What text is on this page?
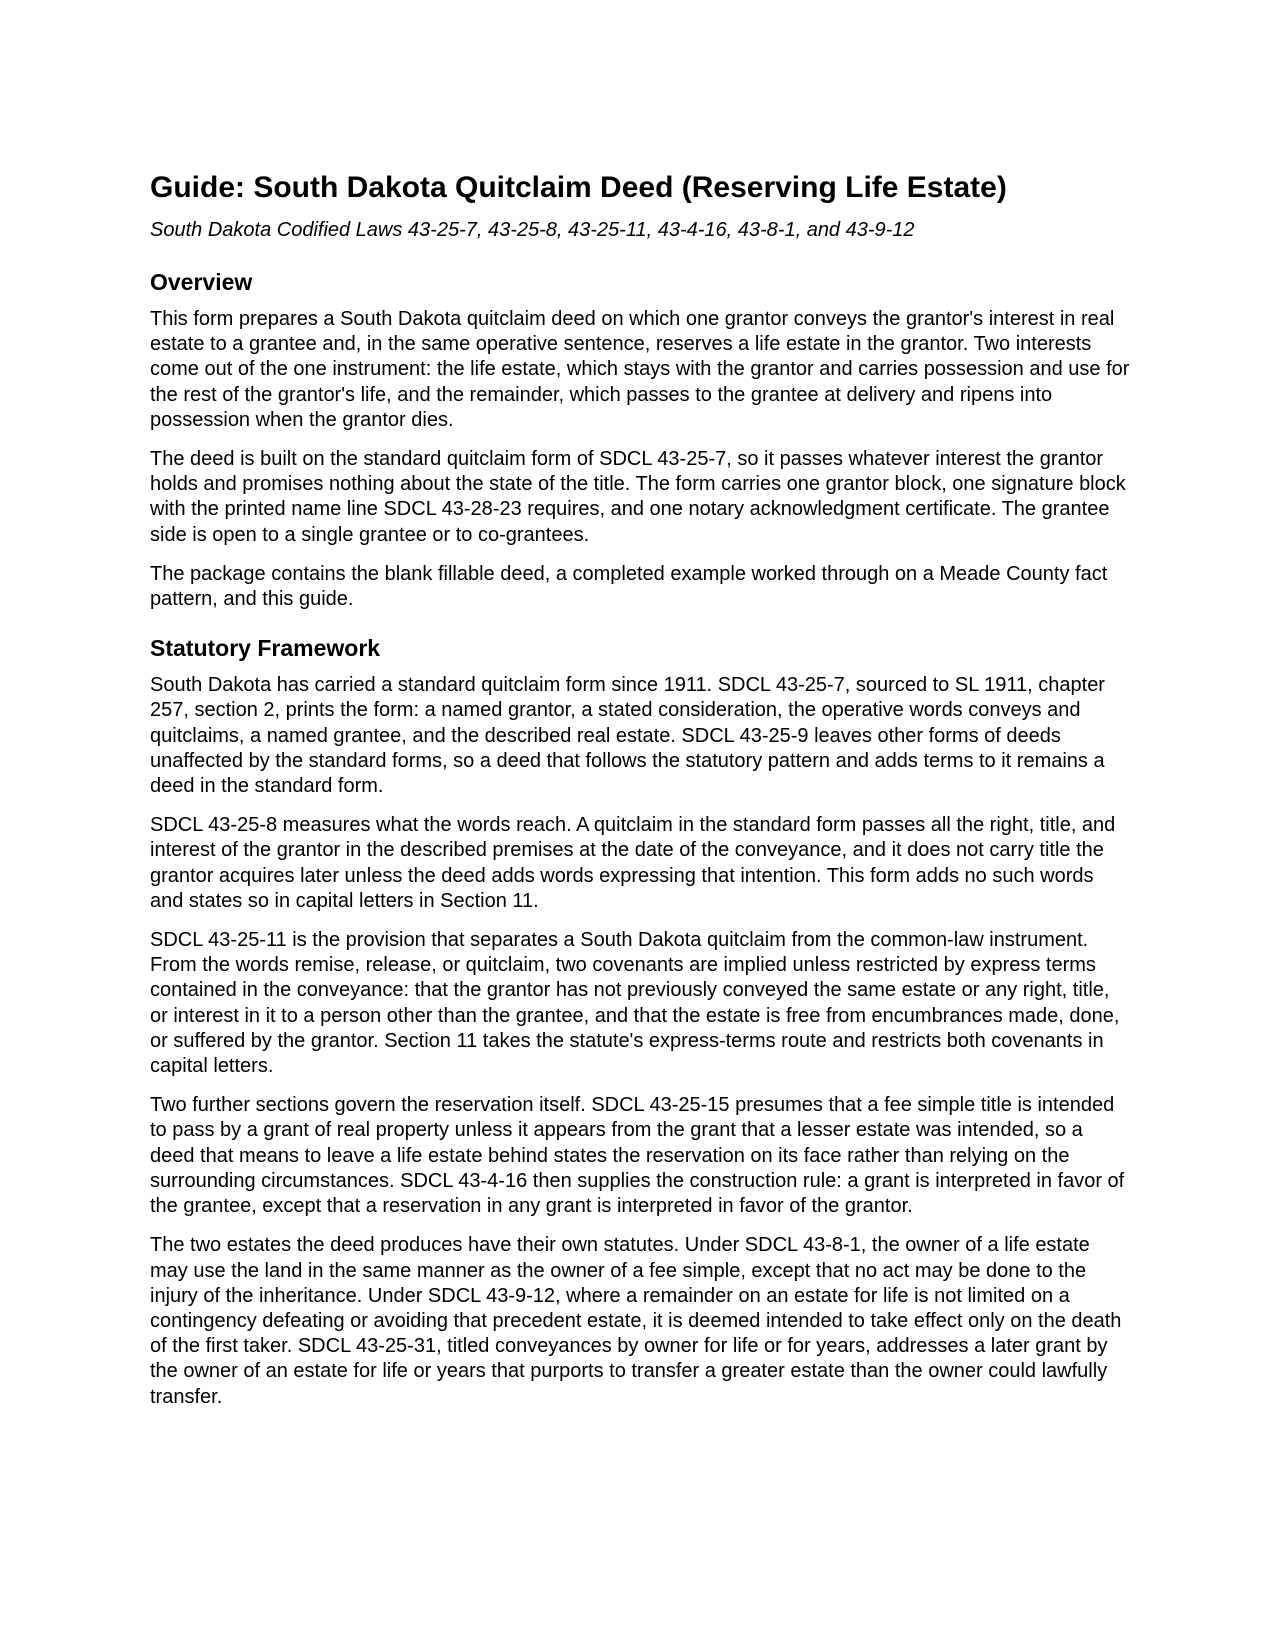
Guide: South Dakota Quitclaim Deed (Reserving Life Estate)

South Dakota Codified Laws 43-25-7, 43-25-8, 43-25-11, 43-4-16, 43-8-1, and 43-9-12

Overview

This form prepares a South Dakota quitclaim deed on which one grantor conveys the grantor's interest in real estate to a grantee and, in the same operative sentence, reserves a life estate in the grantor. Two interests come out of the one instrument: the life estate, which stays with the grantor and carries possession and use for the rest of the grantor's life, and the remainder, which passes to the grantee at delivery and ripens into possession when the grantor dies.

The deed is built on the standard quitclaim form of SDCL 43-25-7, so it passes whatever interest the grantor holds and promises nothing about the state of the title. The form carries one grantor block, one signature block with the printed name line SDCL 43-28-23 requires, and one notary acknowledgment certificate. The grantee side is open to a single grantee or to co-grantees.

The package contains the blank fillable deed, a completed example worked through on a Meade County fact pattern, and this guide.

Statutory Framework

South Dakota has carried a standard quitclaim form since 1911. SDCL 43-25-7, sourced to SL 1911, chapter 257, section 2, prints the form: a named grantor, a stated consideration, the operative words conveys and quitclaims, a named grantee, and the described real estate. SDCL 43-25-9 leaves other forms of deeds unaffected by the standard forms, so a deed that follows the statutory pattern and adds terms to it remains a deed in the standard form.

SDCL 43-25-8 measures what the words reach. A quitclaim in the standard form passes all the right, title, and interest of the grantor in the described premises at the date of the conveyance, and it does not carry title the grantor acquires later unless the deed adds words expressing that intention. This form adds no such words and states so in capital letters in Section 11.

SDCL 43-25-11 is the provision that separates a South Dakota quitclaim from the common-law instrument. From the words remise, release, or quitclaim, two covenants are implied unless restricted by express terms contained in the conveyance: that the grantor has not previously conveyed the same estate or any right, title, or interest in it to a person other than the grantee, and that the estate is free from encumbrances made, done, or suffered by the grantor. Section 11 takes the statute's express-terms route and restricts both covenants in capital letters.

Two further sections govern the reservation itself. SDCL 43-25-15 presumes that a fee simple title is intended to pass by a grant of real property unless it appears from the grant that a lesser estate was intended, so a deed that means to leave a life estate behind states the reservation on its face rather than relying on the surrounding circumstances. SDCL 43-4-16 then supplies the construction rule: a grant is interpreted in favor of the grantee, except that a reservation in any grant is interpreted in favor of the grantor.

The two estates the deed produces have their own statutes. Under SDCL 43-8-1, the owner of a life estate may use the land in the same manner as the owner of a fee simple, except that no act may be done to the injury of the inheritance. Under SDCL 43-9-12, where a remainder on an estate for life is not limited on a contingency defeating or avoiding that precedent estate, it is deemed intended to take effect only on the death of the first taker. SDCL 43-25-31, titled conveyances by owner for life or for years, addresses a later grant by the owner of an estate for life or years that purports to transfer a greater estate than the owner could lawfully transfer.
